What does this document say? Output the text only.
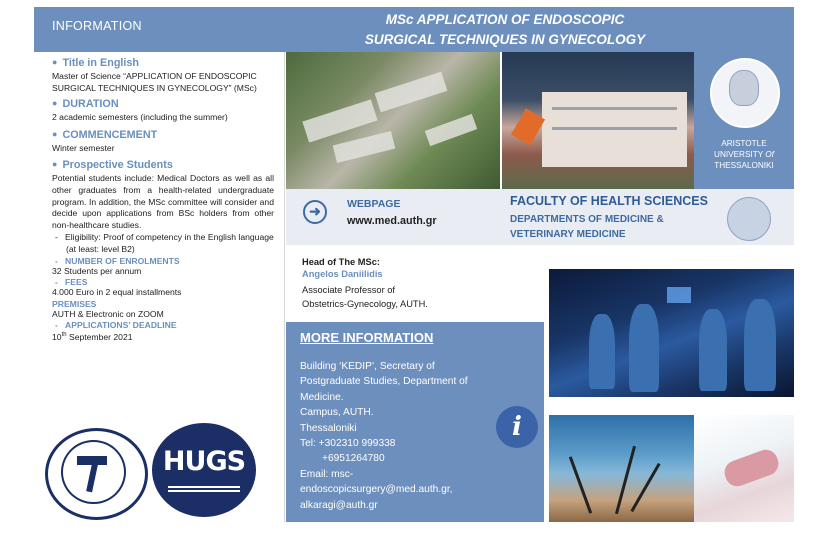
INFORMATION	MSc APPLICATION OF ENDOSCOPIC
SURGICAL TECHNIQUES IN GYNECOLOGY
● Title in English
Master of Science “APPLICATION OF ENDOSCOPIC SURGICAL TECHNIQUES IN GYNECOLOGY” (MSc)
● DURATION
2 academic semesters (including the summer)
● COMMENCEMENT
Winter semester
● Prospective Students
Potential students include: Medical Doctors as well as all other graduates from a health-related undergraduate program. In addition, the MSc committee will consider and decide upon applications from BSc holders from other non-healthcare studies.
-   Eligibility: Proof of competency in the English language (at least: level B2)
-   NUMBER OF ENROLMENTS
32 Students per annum
-   FEES
4.000 Euro in 2 equal installments
PREMISES
AUTH & Electronic on ZOOM
-   APPLICATIONS’ DEADLINE
10th September 2021
HUGS
ARISTOTLE
UNIVERSITY Of
THESSALONIKI
➜	WEBPAGE
www.med.auth.gr
FACULTY OF HEALTH SCIENCES
DEPARTMENTS OF MEDICINE & VETERINARY MEDICINE
Head of The MSc:
Angelos Daniilidis
Associate Professor of
Obstetrics-Gynecology, AUTH.
MORE INFORMATION
Building ‘KEDIP’, Secretary of
Postgraduate Studies, Department of
Medicine.
Campus, AUTH.
Thessaloniki
Tel: +302310 999338
+6951264780
Email: msc-
endoscopicsurgery@med.auth.gr,
alkaragi@auth.gr
i
